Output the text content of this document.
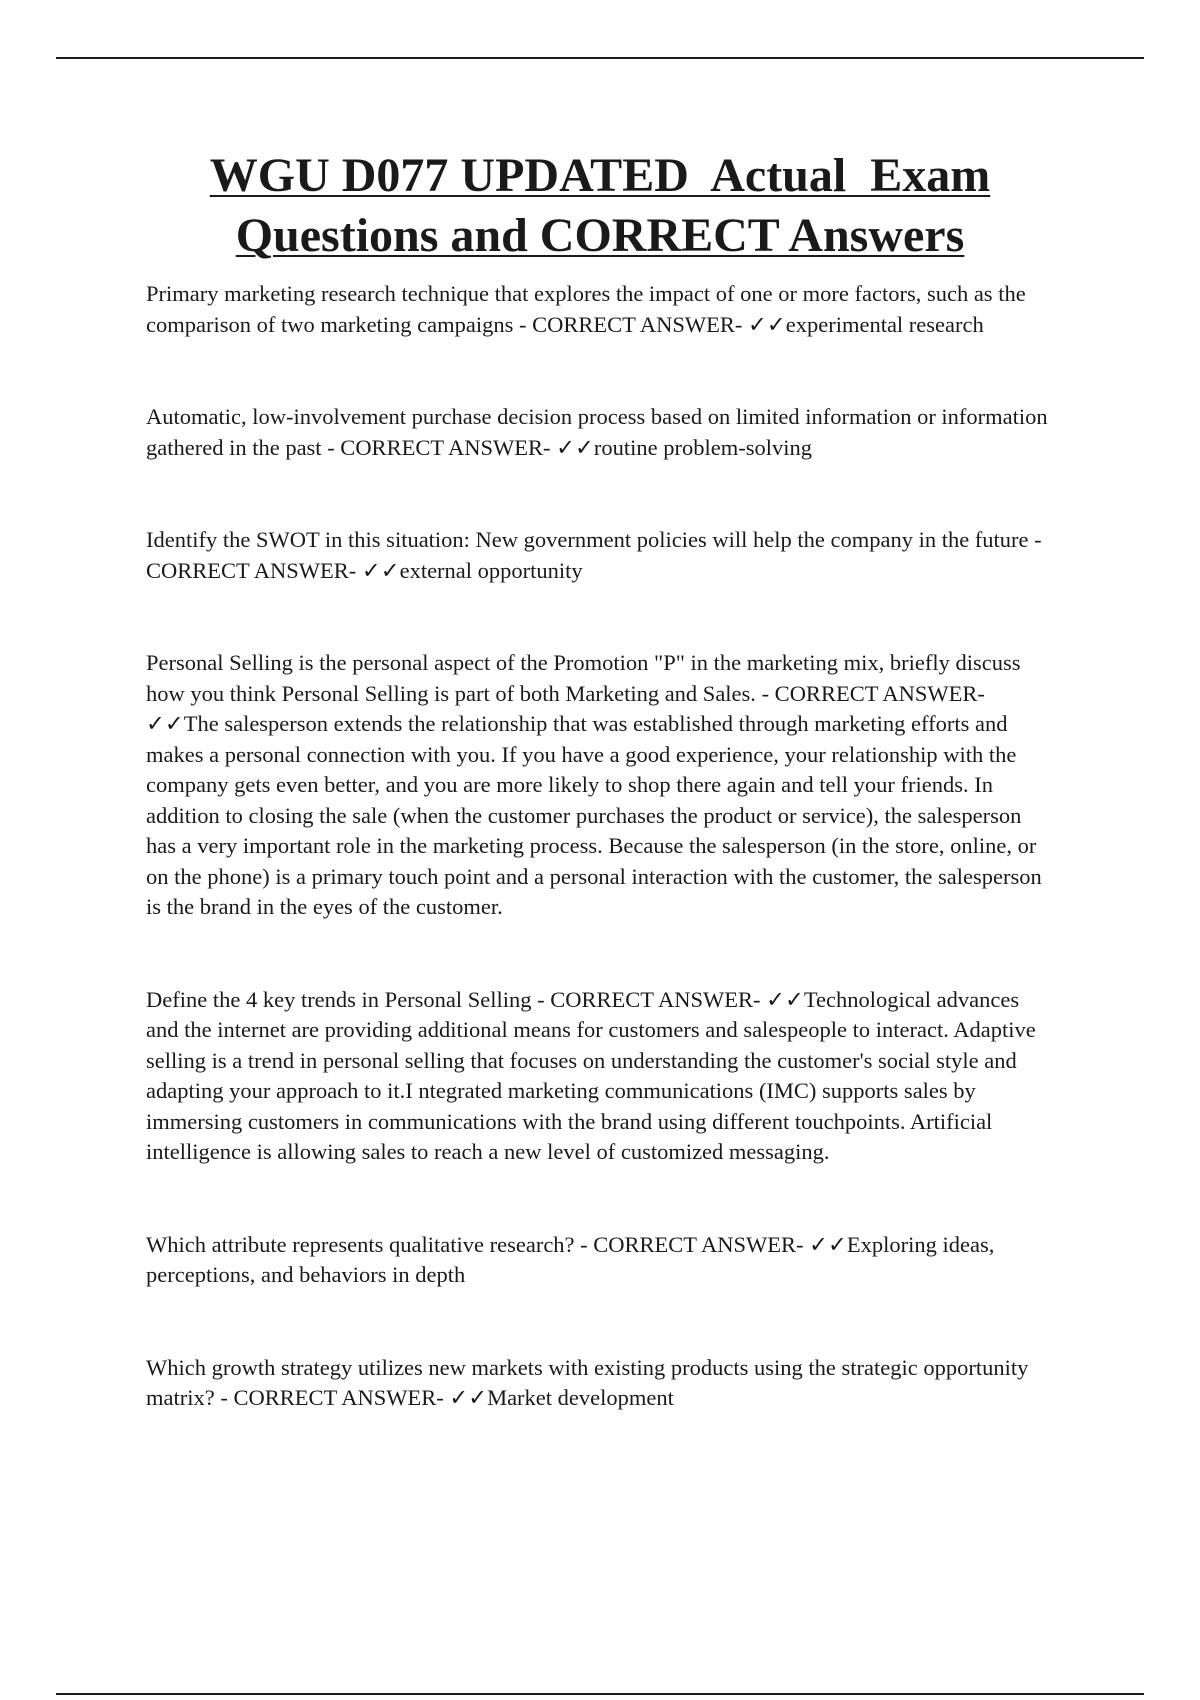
WGU D077 UPDATED  Actual  Exam
Questions and CORRECT Answers

Primary marketing research technique that explores the impact of one or more factors, such as the comparison of two marketing campaigns - CORRECT ANSWER- ✓✓experimental research

Automatic, low-involvement purchase decision process based on limited information or information gathered in the past - CORRECT ANSWER- ✓✓routine problem-solving

Identify the SWOT in this situation: New government policies will help the company in the future - CORRECT ANSWER- ✓✓external opportunity

Personal Selling is the personal aspect of the Promotion "P" in the marketing mix, briefly discuss how you think Personal Selling is part of both Marketing and Sales. - CORRECT ANSWER- ✓✓The salesperson extends the relationship that was established through marketing efforts and makes a personal connection with you. If you have a good experience, your relationship with the company gets even better, and you are more likely to shop there again and tell your friends. In addition to closing the sale (when the customer purchases the product or service), the salesperson has a very important role in the marketing process. Because the salesperson (in the store, online, or on the phone) is a primary touch point and a personal interaction with the customer, the salesperson is the brand in the eyes of the customer.

Define the 4 key trends in Personal Selling - CORRECT ANSWER- ✓✓Technological advances and the internet are providing additional means for customers and salespeople to interact. Adaptive selling is a trend in personal selling that focuses on understanding the customer's social style and adapting your approach to it.I ntegrated marketing communications (IMC) supports sales by immersing customers in communications with the brand using different touchpoints. Artificial intelligence is allowing sales to reach a new level of customized messaging.

Which attribute represents qualitative research? - CORRECT ANSWER- ✓✓Exploring ideas, perceptions, and behaviors in depth

Which growth strategy utilizes new markets with existing products using the strategic opportunity matrix? - CORRECT ANSWER- ✓✓Market development
